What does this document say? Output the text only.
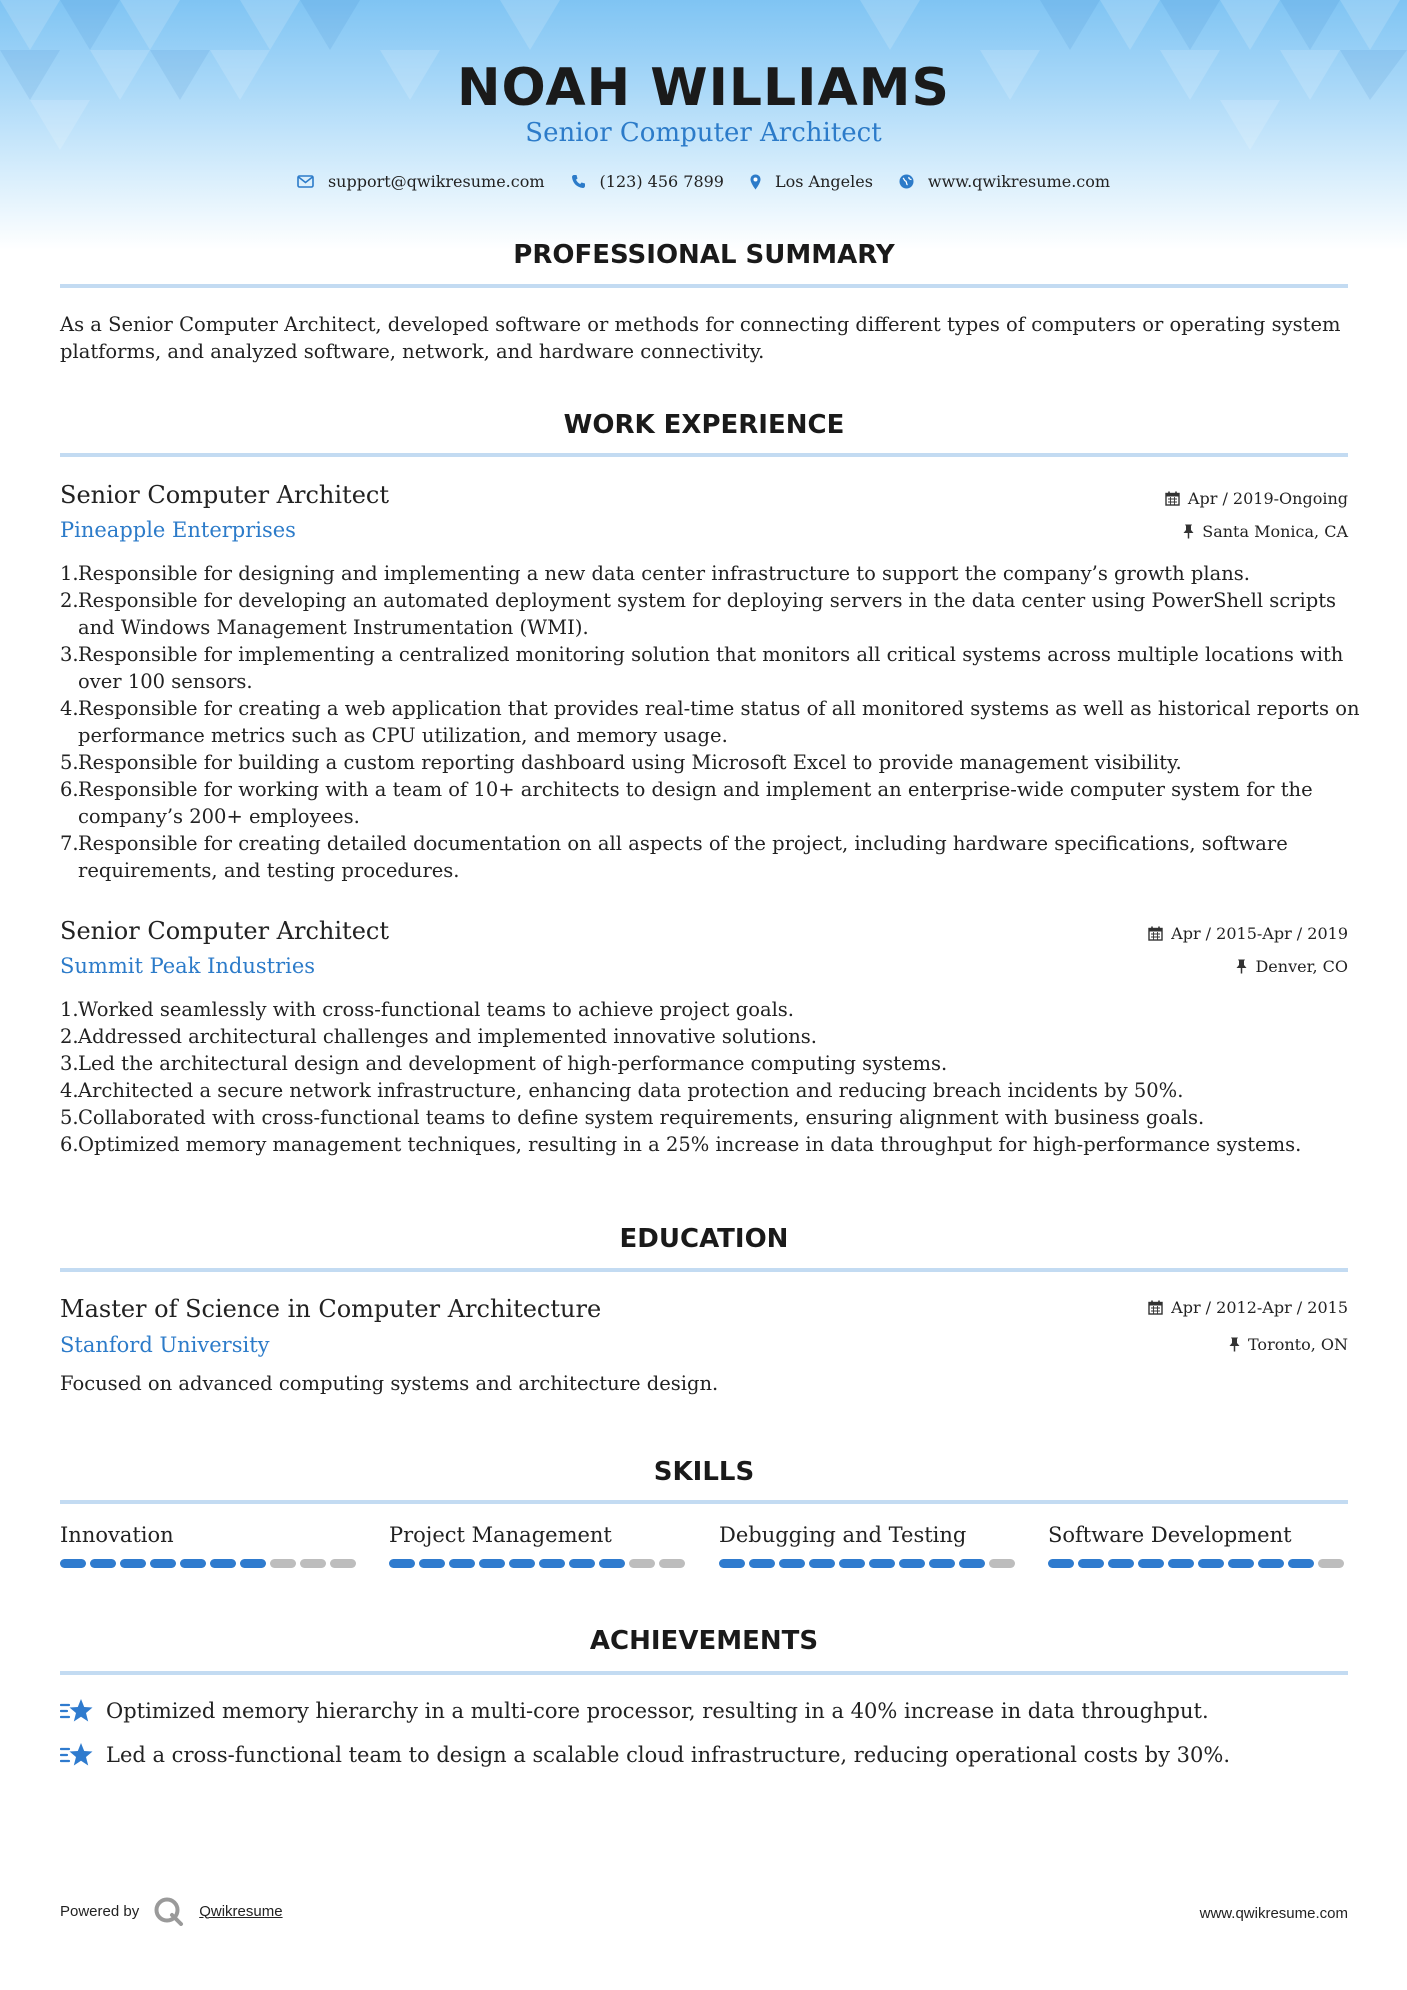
NOAH WILLIAMS
Senior Computer Architect
support@qwikresume.com	(123) 456 7899	Los Angeles	www.qwikresume.com
PROFESSIONAL SUMMARY

As a Senior Computer Architect, developed software or methods for connecting different types of computers or operating system platforms, and analyzed software, network, and hardware connectivity.

WORK EXPERIENCE
Senior Computer Architect	Apr / 2019-Ongoing
Pineapple Enterprises	Santa Monica, CA
Responsible for designing and implementing a new data center infrastructure to support the company’s growth plans.
Responsible for developing an automated deployment system for deploying servers in the data center using PowerShell scripts and Windows Management Instrumentation (WMI).
Responsible for implementing a centralized monitoring solution that monitors all critical systems across multiple locations with over 100 sensors.
Responsible for creating a web application that provides real-time status of all monitored systems as well as historical reports on performance metrics such as CPU utilization, and memory usage.
Responsible for building a custom reporting dashboard using Microsoft Excel to provide management visibility.
Responsible for working with a team of 10+ architects to design and implement an enterprise-wide computer system for the company’s 200+ employees.
Responsible for creating detailed documentation on all aspects of the project, including hardware specifications, software requirements, and testing procedures.
Senior Computer Architect	Apr / 2015-Apr / 2019
Summit Peak Industries	Denver, CO
Worked seamlessly with cross-functional teams to achieve project goals.
Addressed architectural challenges and implemented innovative solutions.
Led the architectural design and development of high-performance computing systems.
Architected a secure network infrastructure, enhancing data protection and reducing breach incidents by 50%.
Collaborated with cross-functional teams to define system requirements, ensuring alignment with business goals.
Optimized memory management techniques, resulting in a 25% increase in data throughput for high-performance systems.
EDUCATION
Master of Science in Computer Architecture	Apr / 2012-Apr / 2015
Stanford University	Toronto, ON

Focused on advanced computing systems and architecture design.

SKILLS
Innovation	Project Management	Debugging and Testing	Software Development
ACHIEVEMENTS
Optimized memory hierarchy in a multi-core processor, resulting in a 40% increase in data throughput.
Led a cross-functional team to design a scalable cloud infrastructure, reducing operational costs by 30%.
Powered by	Qwikresume	www.qwikresume.com
